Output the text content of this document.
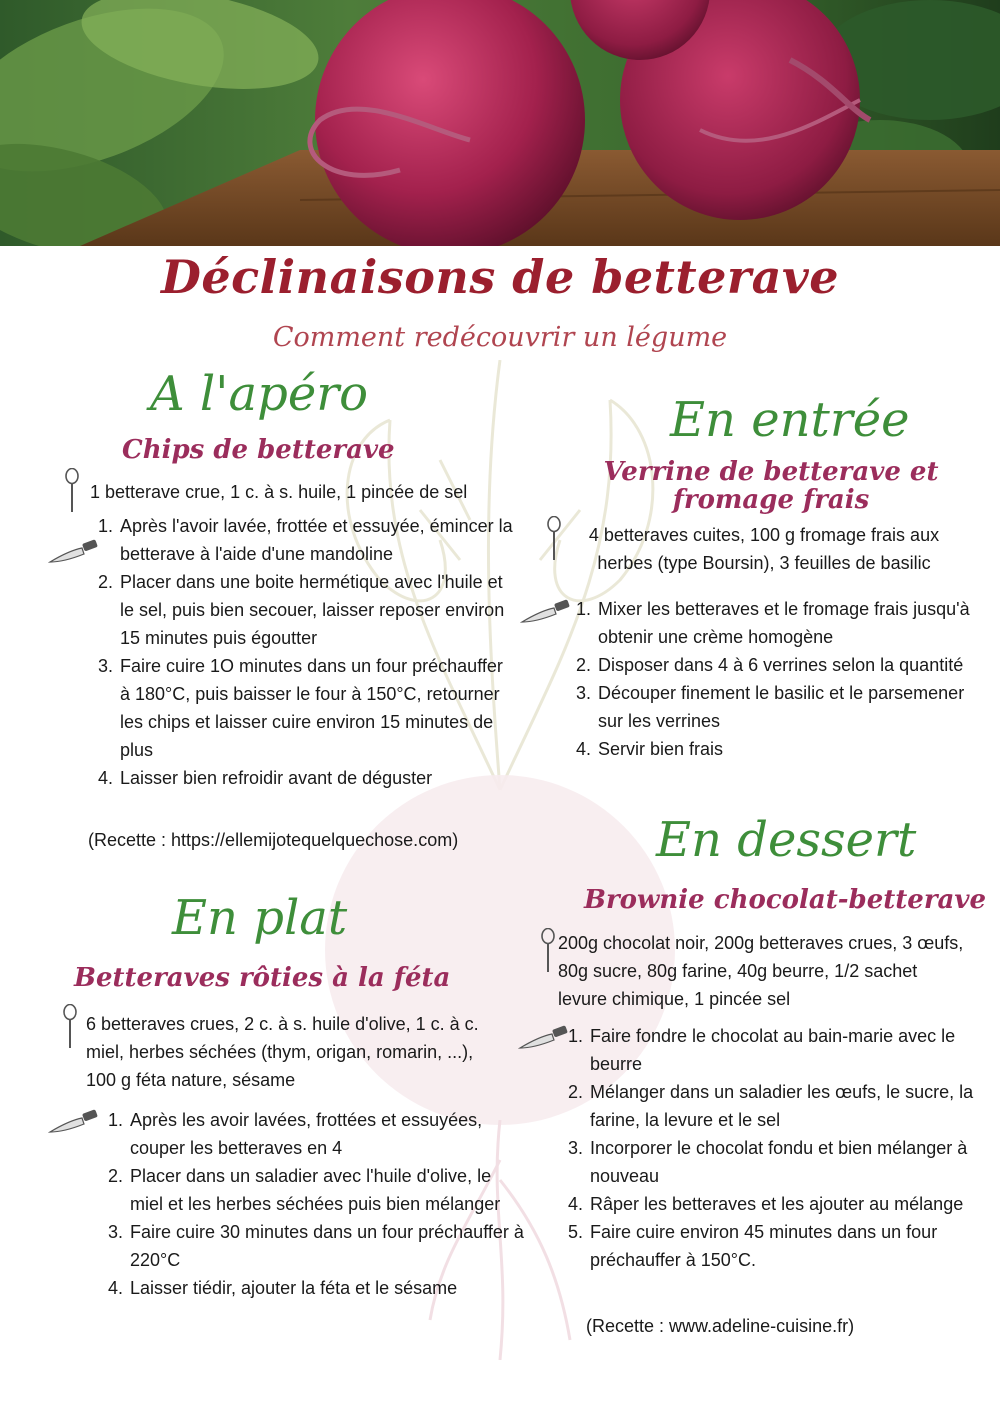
Déclinaisons de betterave
Comment redécouvrir un légume
A l'apéro
Chips de betterave
1 betterave crue, 1 c. à s. huile, 1 pincée de sel
1. Après l'avoir lavée, frottée et essuyée, émincer la betterave à l'aide d'une mandoline
2. Placer dans une boite hermétique avec l'huile et le sel, puis bien secouer, laisser reposer environ 15 minutes puis égoutter
3. Faire cuire 1O minutes dans un four préchauffer à 180°C, puis baisser le four à 150°C, retourner les chips et laisser cuire environ 15 minutes de plus
4. Laisser bien refroidir avant de déguster
(Recette : https://ellemijotequelquechose.com)
En entrée
Verrine de betterave et fromage frais
4 betteraves cuites, 100 g fromage frais aux herbes (type Boursin), 3 feuilles de basilic
1. Mixer les betteraves et le fromage frais jusqu'à obtenir une crème homogène
2. Disposer dans 4 à 6 verrines selon la quantité
3. Découper finement le basilic et le parsemener sur les verrines
4. Servir bien frais
En plat
Betteraves rôties à la féta
6 betteraves crues, 2 c. à s. huile d'olive, 1 c. à c. miel, herbes séchées (thym, origan, romarin, ...), 100 g féta nature, sésame
1. Après les avoir lavées, frottées et essuyées, couper les betteraves en 4
2. Placer dans un saladier avec l'huile d'olive, le miel et les herbes séchées puis bien mélanger
3. Faire cuire 30 minutes dans un four préchauffer à 220°C
4. Laisser tiédir, ajouter la féta et le sésame
En dessert
Brownie chocolat-betterave
200g chocolat noir, 200g betteraves crues, 3 œufs, 80g sucre, 80g farine, 40g beurre, 1/2 sachet levure chimique, 1 pincée sel
1. Faire fondre le chocolat au bain-marie avec le beurre
2. Mélanger dans un saladier les œufs, le sucre, la farine, la levure et le sel
3. Incorporer le chocolat fondu et bien mélanger à nouveau
4. Râper les betteraves et les ajouter au mélange
5. Faire cuire environ 45 minutes dans un four préchauffer à 150°C.
(Recette : www.adeline-cuisine.fr)
